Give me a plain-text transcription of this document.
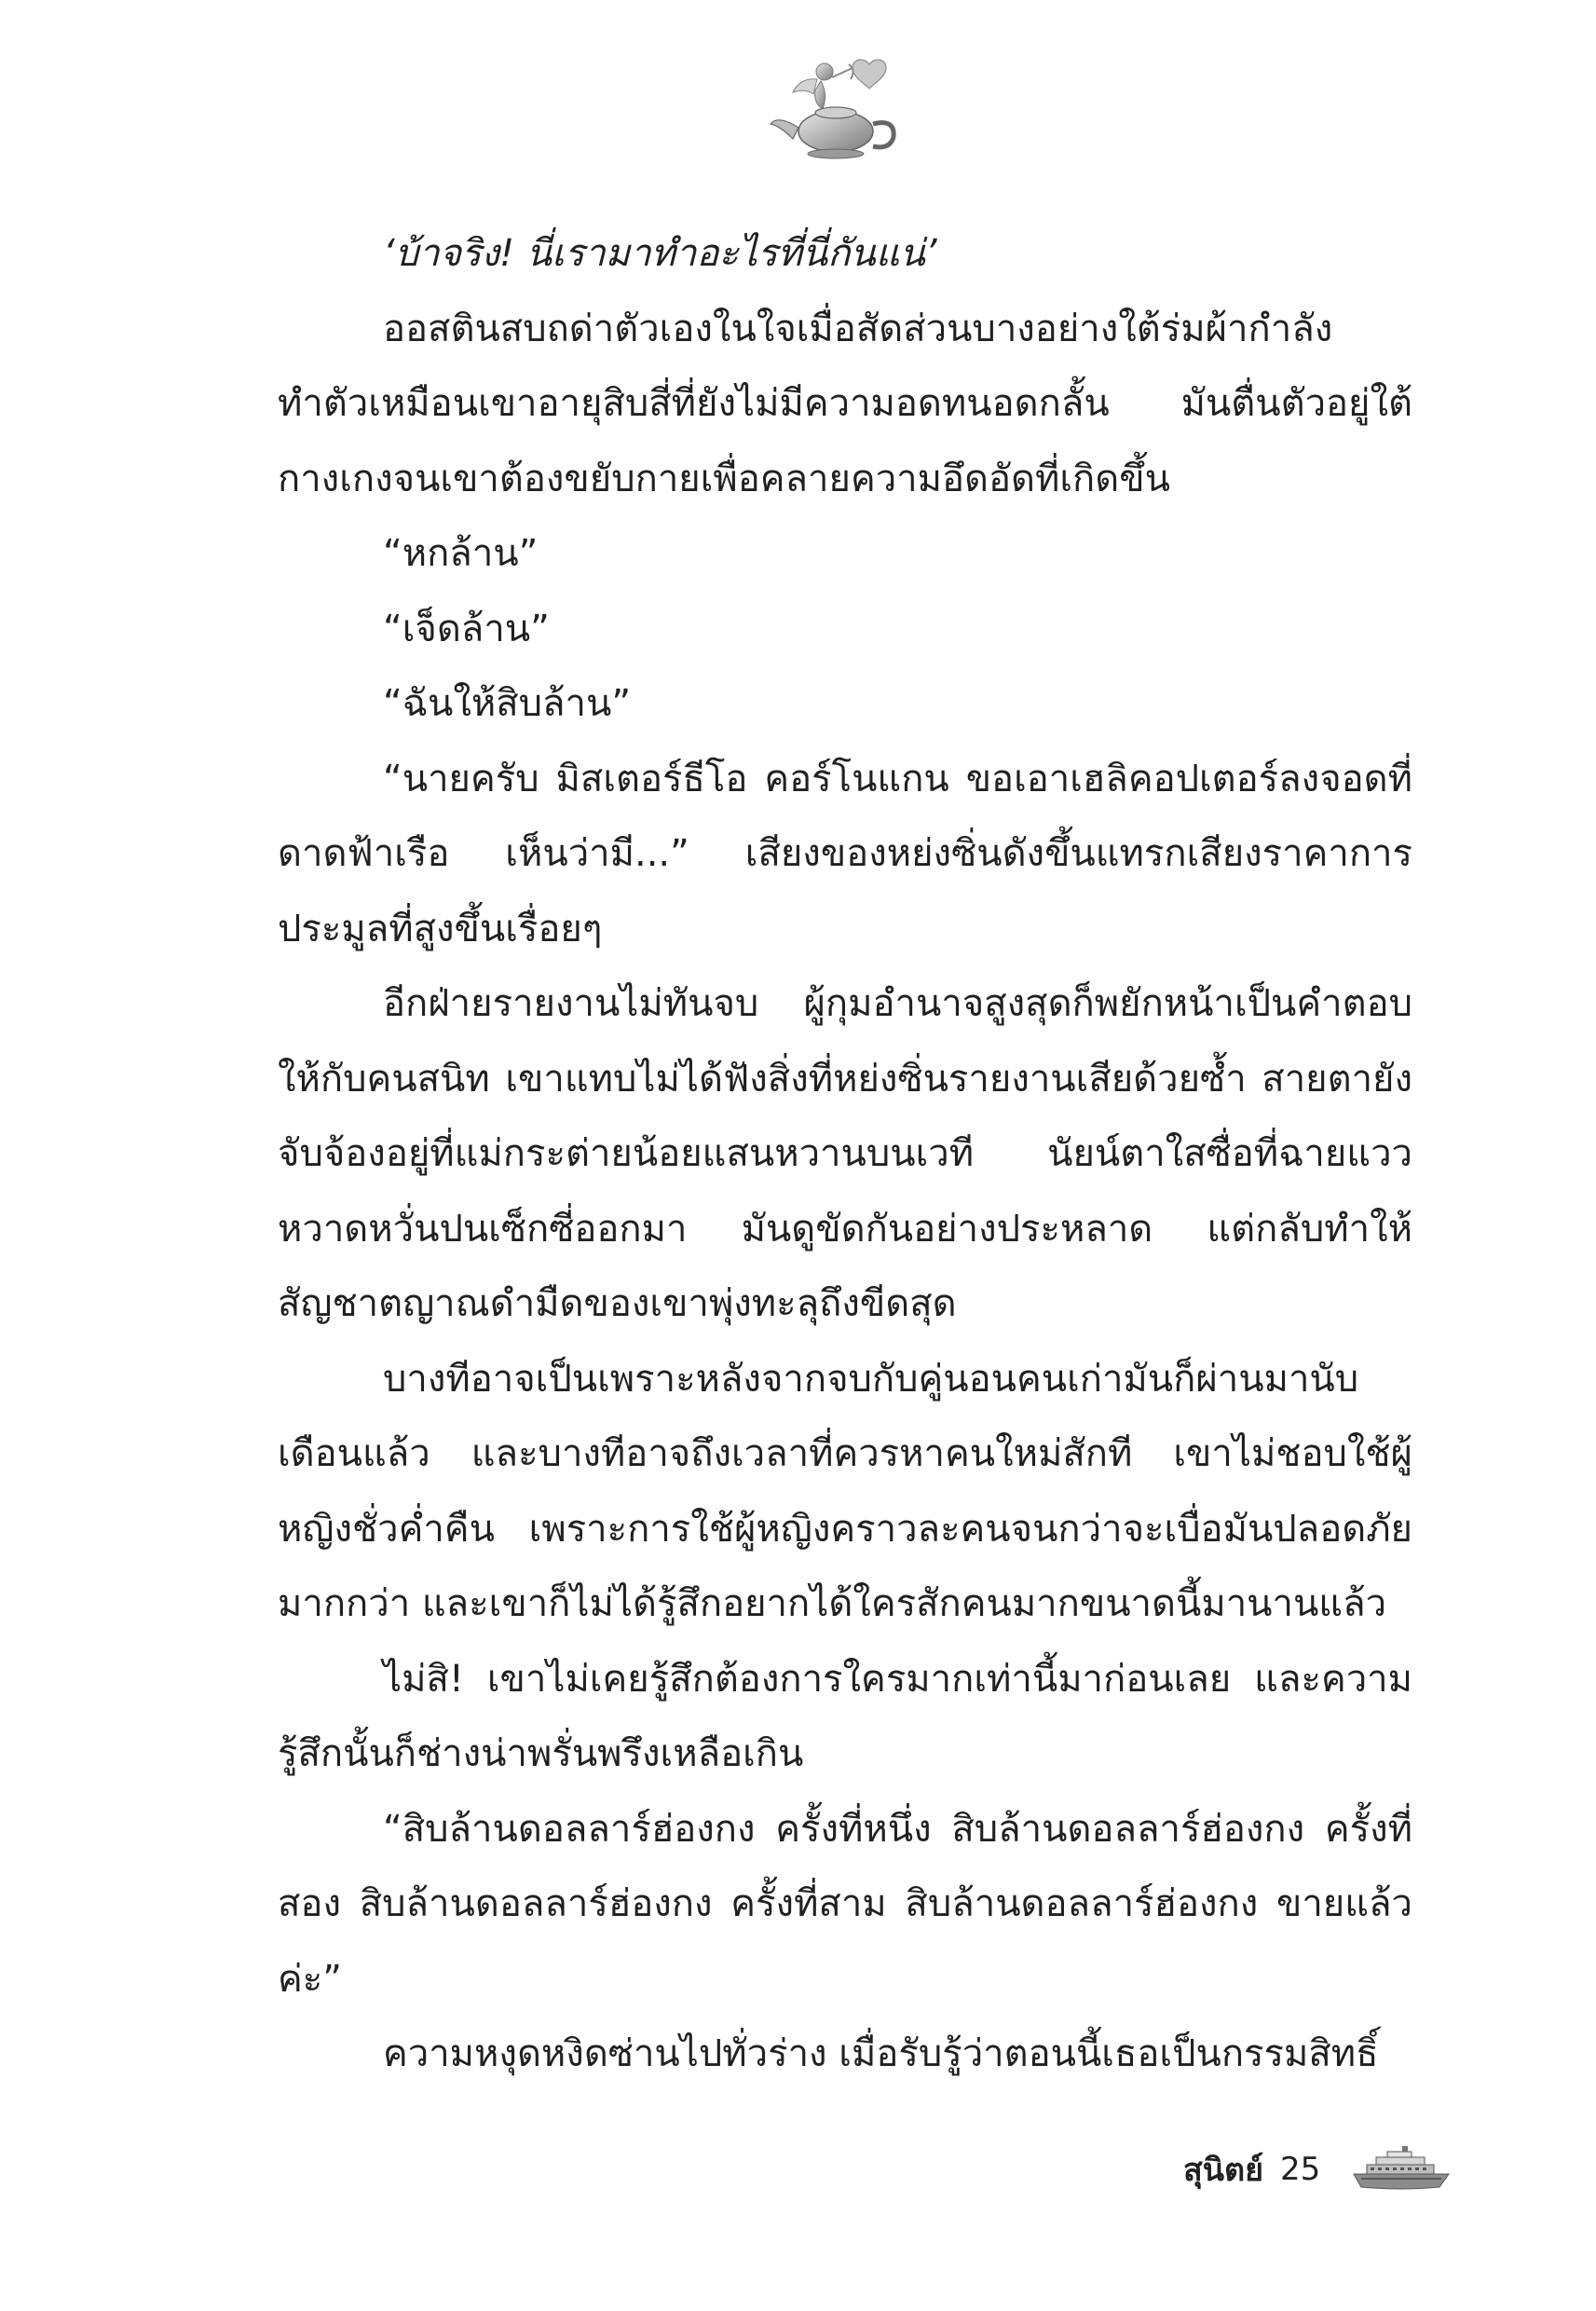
‘บ้าจริง! นี่เรามาทำอะไรที่นี่กันแน่’

ออสตินสบถด่าตัวเองในใจเมื่อสัดส่วนบางอย่างใต้ร่มผ้ากำลังทำตัวเหมือนเขาอายุสิบสี่ที่ยังไม่มีความอดทนอดกลั้น มันตื่นตัวอยู่ใต้กางเกงจนเขาต้องขยับกายเพื่อคลายความอึดอัดที่เกิดขึ้น

“หกล้าน”

“เจ็ดล้าน”

“ฉันให้สิบล้าน”

“นายครับ มิสเตอร์ธีโอ คอร์โนแกน ขอเอาเฮลิคอปเตอร์ลงจอดที่ดาดฟ้าเรือ เห็นว่ามี...” เสียงของหย่งซิ่นดังขึ้นแทรกเสียงราคาการประมูลที่สูงขึ้นเรื่อยๆ

อีกฝ่ายรายงานไม่ทันจบ ผู้กุมอำนาจสูงสุดก็พยักหน้าเป็นคำตอบให้กับคนสนิท เขาแทบไม่ได้ฟังสิ่งที่หย่งซิ่นรายงานเสียด้วยซ้ำ สายตายังจับจ้องอยู่ที่แม่กระต่ายน้อยแสนหวานบนเวที นัยน์ตาใสซื่อที่ฉายแววหวาดหวั่นปนเซ็กซี่ออกมา มันดูขัดกันอย่างประหลาด แต่กลับทำให้สัญชาตญาณดำมืดของเขาพุ่งทะลุถึงขีดสุด

บางทีอาจเป็นเพราะหลังจากจบกับคู่นอนคนเก่ามันก็ผ่านมานับเดือนแล้ว และบางทีอาจถึงเวลาที่ควรหาคนใหม่สักที เขาไม่ชอบใช้ผู้หญิงชั่วค่ำคืน เพราะการใช้ผู้หญิงคราวละคนจนกว่าจะเบื่อมันปลอดภัยมากกว่า และเขาก็ไม่ได้รู้สึกอยากได้ใครสักคนมากขนาดนี้มานานแล้ว

ไม่สิ! เขาไม่เคยรู้สึกต้องการใครมากเท่านี้มาก่อนเลย และความรู้สึกนั้นก็ช่างน่าพรั่นพรึงเหลือเกิน

“สิบล้านดอลลาร์ฮ่องกง ครั้งที่หนึ่ง สิบล้านดอลลาร์ฮ่องกง ครั้งที่สอง สิบล้านดอลลาร์ฮ่องกง ครั้งที่สาม สิบล้านดอลลาร์ฮ่องกง ขายแล้วค่ะ”

ความหงุดหงิดซ่านไปทั่วร่าง เมื่อรับรู้ว่าตอนนี้เธอเป็นกรรมสิทธิ์

สุนิตย์ 25
